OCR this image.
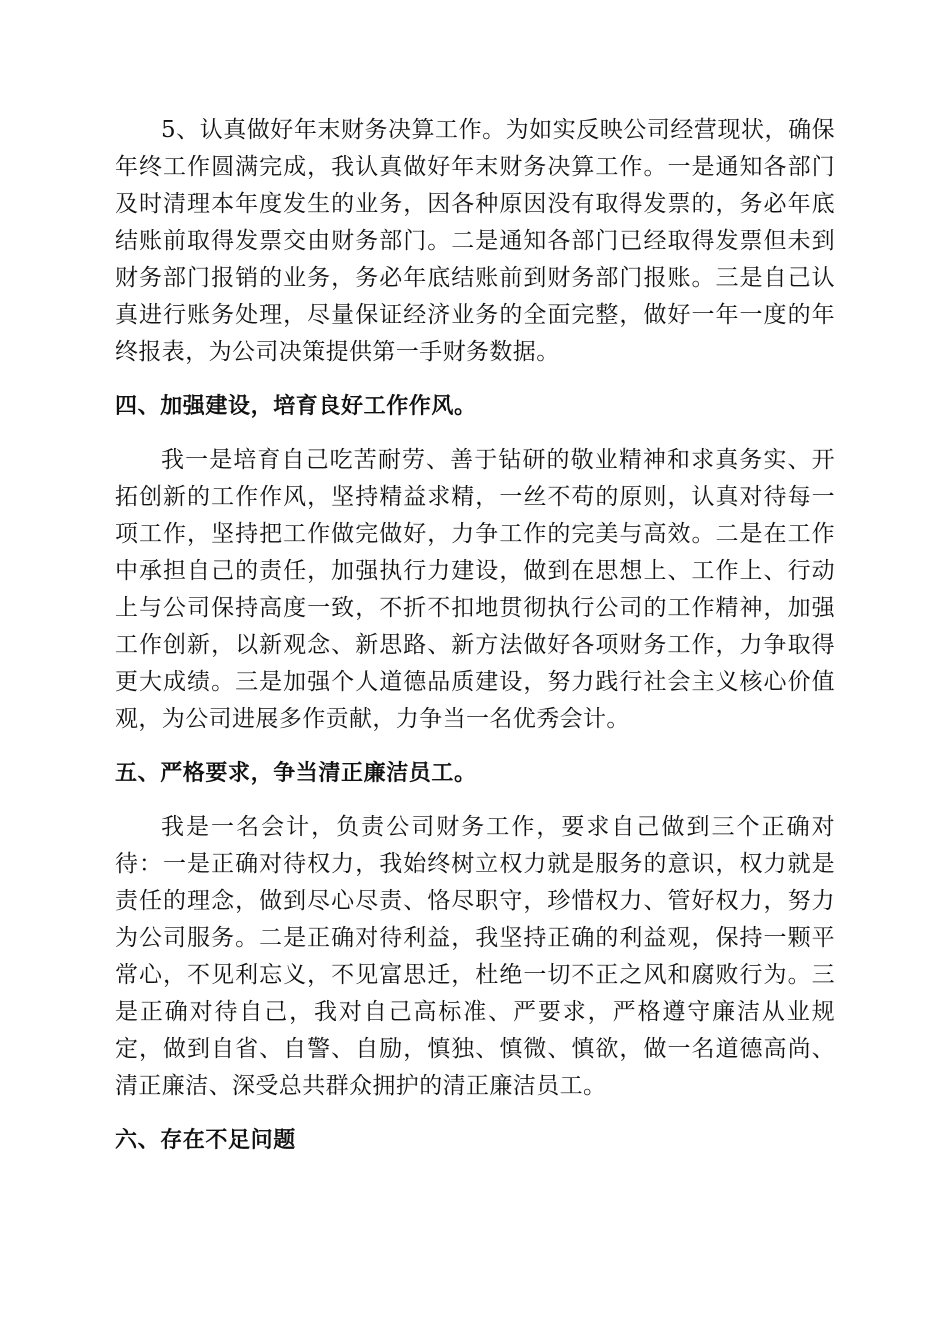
5、认真做好年末财务决算工作。为如实反映公司经营现状，确保年终工作圆满完成，我认真做好年末财务决算工作。一是通知各部门及时清理本年度发生的业务，因各种原因没有取得发票的，务必年底结账前取得发票交由财务部门。二是通知各部门已经取得发票但未到财务部门报销的业务，务必年底结账前到财务部门报账。三是自己认真进行账务处理，尽量保证经济业务的全面完整，做好一年一度的年终报表，为公司决策提供第一手财务数据。

四、加强建设，培育良好工作作风。

我一是培育自己吃苦耐劳、善于钻研的敬业精神和求真务实、开拓创新的工作作风，坚持精益求精，一丝不苟的原则，认真对待每一项工作，坚持把工作做完做好，力争工作的完美与高效。二是在工作中承担自己的责任，加强执行力建设，做到在思想上、工作上、行动上与公司保持高度一致，不折不扣地贯彻执行公司的工作精神，加强工作创新，以新观念、新思路、新方法做好各项财务工作，力争取得更大成绩。三是加强个人道德品质建设，努力践行社会主义核心价值观，为公司进展多作贡献，力争当一名优秀会计。

五、严格要求，争当清正廉洁员工。

我是一名会计，负责公司财务工作，要求自己做到三个正确对待：一是正确对待权力，我始终树立权力就是服务的意识，权力就是责任的理念，做到尽心尽责、恪尽职守，珍惜权力、管好权力，努力为公司服务。二是正确对待利益，我坚持正确的利益观，保持一颗平常心，不见利忘义，不见富思迁，杜绝一切不正之风和腐败行为。三是正确对待自己，我对自己高标准、严要求，严格遵守廉洁从业规定，做到自省、自警、自励，慎独、慎微、慎欲，做一名道德高尚、清正廉洁、深受总共群众拥护的清正廉洁员工。

六、存在不足问题
